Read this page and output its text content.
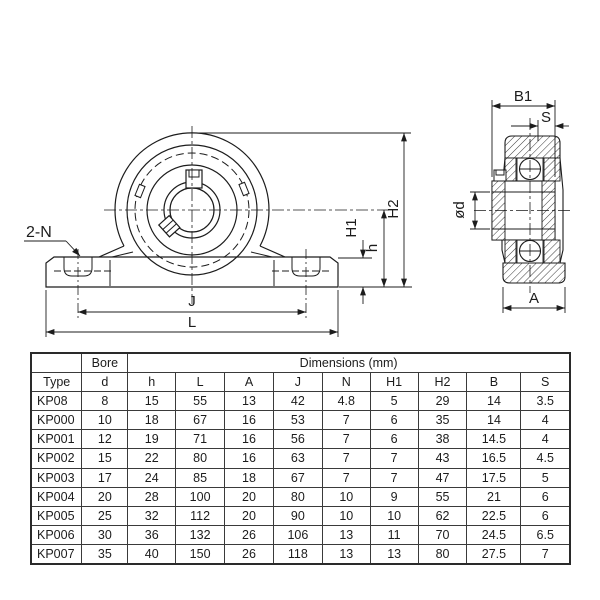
2-N
J
L
H1
h
H2
B1
S
ød
A
	Bore	Dimensions (mm)								
Type	d	h	L	A	J	N	H1	H2	B	S
KP08	8	15	55	13	42	4.8	5	29	14	3.5
KP000	10	18	67	16	53	7	6	35	14	4
KP001	12	19	71	16	56	7	6	38	14.5	4
KP002	15	22	80	16	63	7	7	43	16.5	4.5
KP003	17	24	85	18	67	7	7	47	17.5	5
KP004	20	28	100	20	80	10	9	55	21	6
KP005	25	32	112	20	90	10	10	62	22.5	6
KP006	30	36	132	26	106	13	11	70	24.5	6.5
KP007	35	40	150	26	118	13	13	80	27.5	7
